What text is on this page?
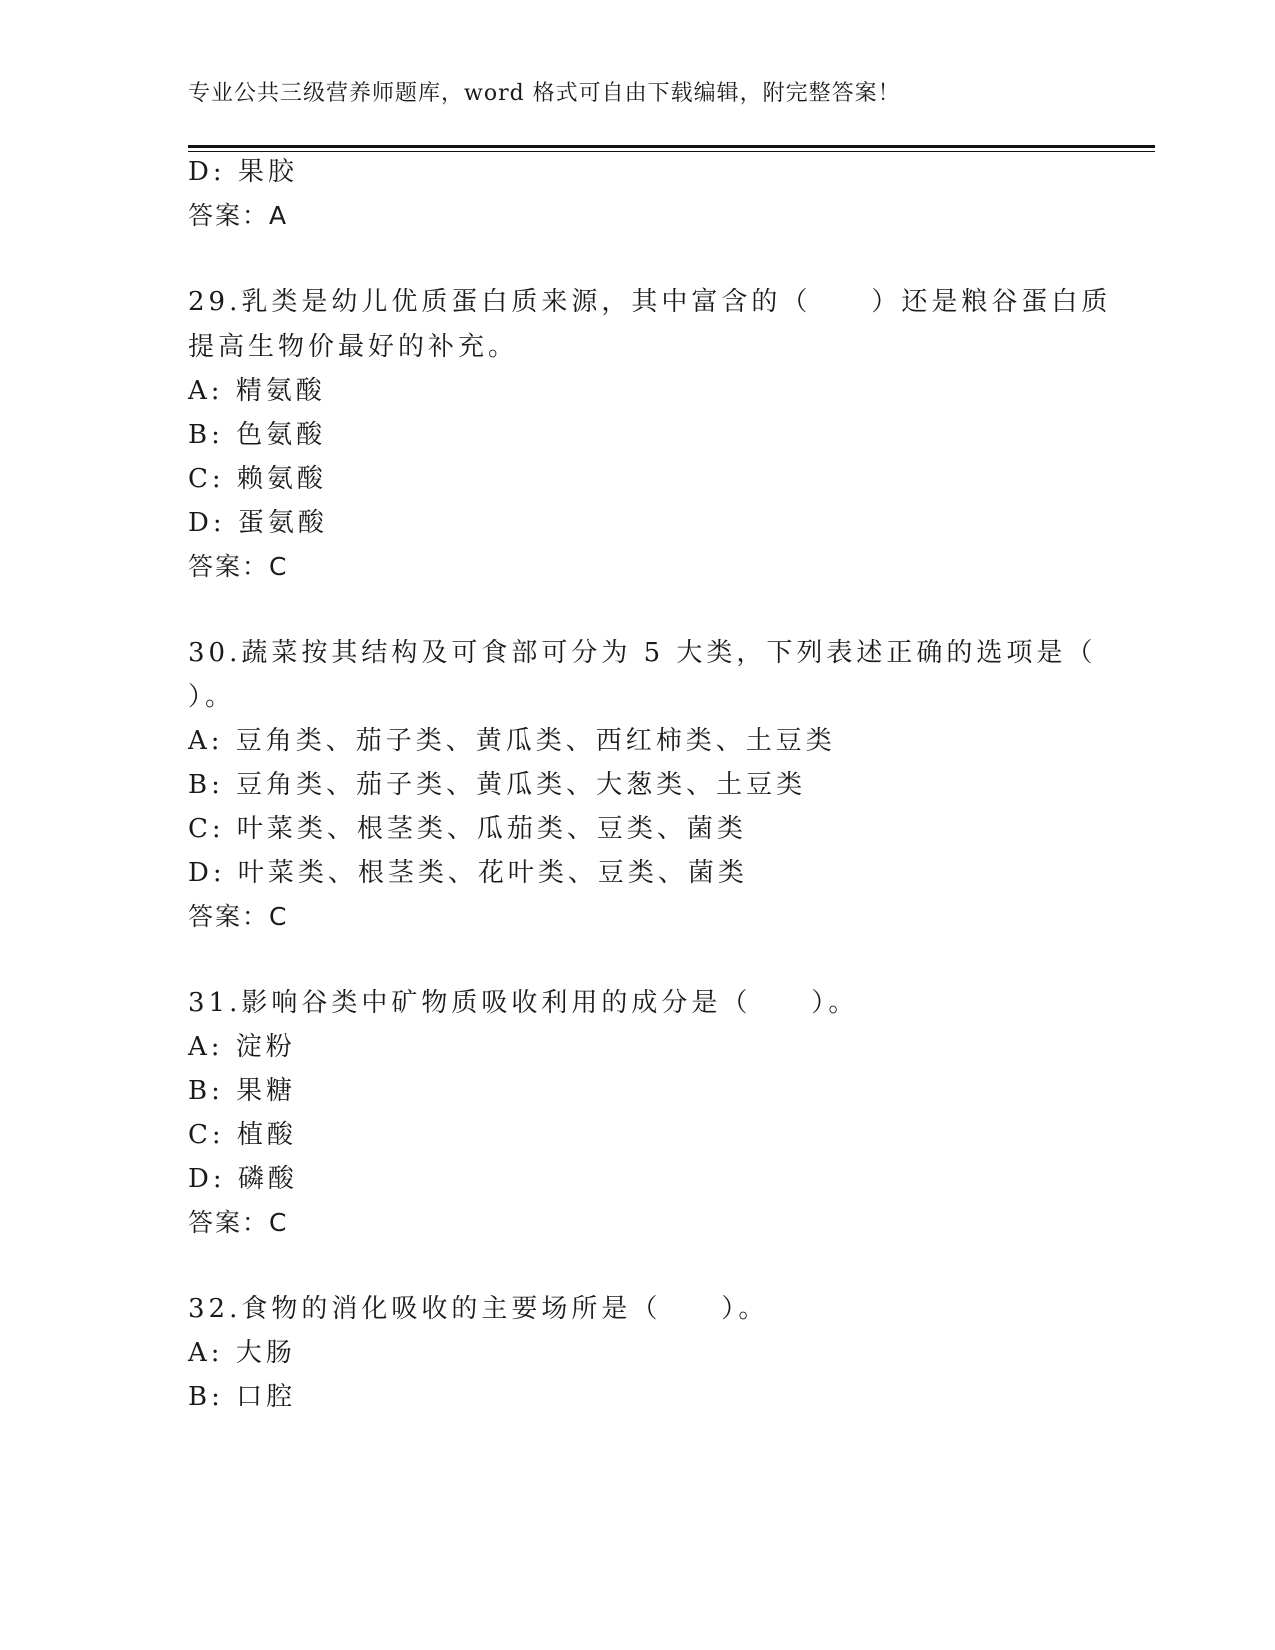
专业公共三级营养师题库，word 格式可自由下载编辑，附完整答案！
D: 果胶
答案：A
29.乳类是幼儿优质蛋白质来源，其中富含的（　　）还是粮谷蛋白质
提高生物价最好的补充。
A: 精氨酸
B: 色氨酸
C: 赖氨酸
D: 蛋氨酸
答案：C
30.蔬菜按其结构及可食部可分为 5 大类，下列表述正确的选项是（
）。
A: 豆角类、茄子类、黄瓜类、西红柿类、土豆类
B: 豆角类、茄子类、黄瓜类、大葱类、土豆类
C: 叶菜类、根茎类、瓜茄类、豆类、菌类
D: 叶菜类、根茎类、花叶类、豆类、菌类
答案：C
31.影响谷类中矿物质吸收利用的成分是（　　）。
A: 淀粉
B: 果糖
C: 植酸
D: 磷酸
答案：C
32.食物的消化吸收的主要场所是（　　）。
A: 大肠
B: 口腔
